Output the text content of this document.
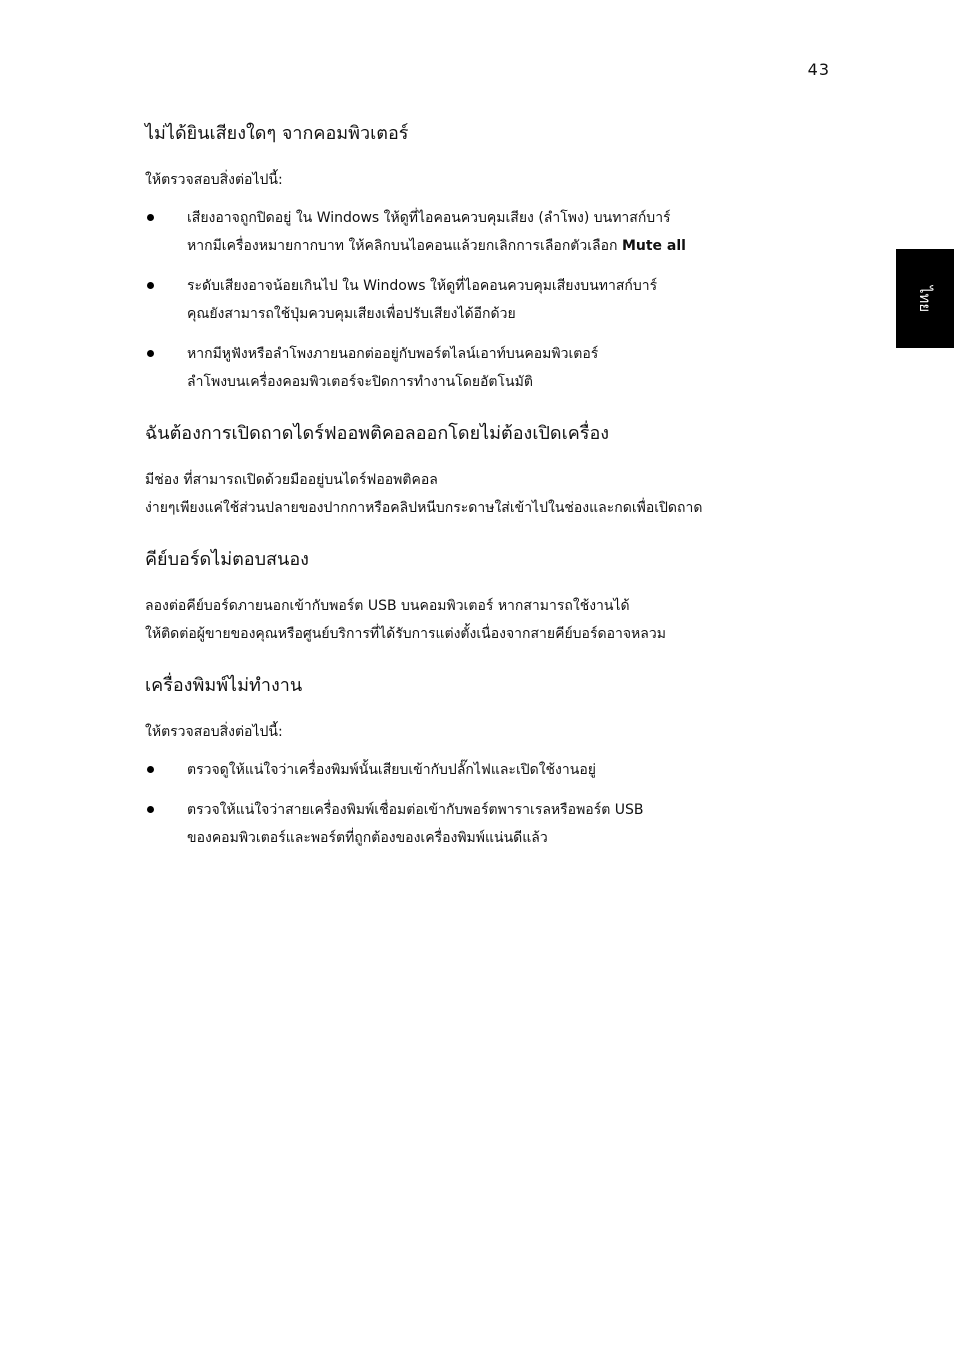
43
ไทย
ไม่ได้ยินเสียงใดๆ จากคอมพิวเตอร์

ให้ตรวจสอบสิ่งต่อไปนี้:

เสียงอาจถูกปิดอยู่ ใน Windows ให้ดูที่ไอคอนควบคุมเสียง (ลำโพง) บนทาสก์บาร์
หากมีเครื่องหมายกากบาท ให้คลิกบนไอคอนแล้วยกเลิกการเลือกตัวเลือก Mute all
ระดับเสียงอาจน้อยเกินไป ใน Windows ให้ดูที่ไอคอนควบคุมเสียงบนทาสก์บาร์
คุณยังสามารถใช้ปุ่มควบคุมเสียงเพื่อปรับเสียงได้อีกด้วย
หากมีหูฟังหรือลำโพงภายนอกต่ออยู่กับพอร์ตไลน์เอาท์บนคอมพิวเตอร์
ลำโพงบนเครื่องคอมพิวเตอร์จะปิดการทำงานโดยอัตโนมัติ
ฉันต้องการเปิดถาดไดร์ฟออพติคอลออกโดยไม่ต้องเปิดเครื่อง

มีช่อง ที่สามารถเปิดด้วยมืออยู่บนไดร์ฟออพติคอล
ง่ายๆเพียงแค่ใช้ส่วนปลายของปากกาหรือคลิปหนีบกระดาษใส่เข้าไปในช่องและกดเพื่อเปิดถาด

คีย์บอร์ดไม่ตอบสนอง

ลองต่อคีย์บอร์ดภายนอกเข้ากับพอร์ต USB บนคอมพิวเตอร์ หากสามารถใช้งานได้
ให้ติดต่อผู้ขายของคุณหรือศูนย์บริการที่ได้รับการแต่งตั้งเนื่องจากสายคีย์บอร์ดอาจหลวม

เครื่องพิมพ์ไม่ทำงาน

ให้ตรวจสอบสิ่งต่อไปนี้:

ตรวจดูให้แน่ใจว่าเครื่องพิมพ์นั้นเสียบเข้ากับปลั๊กไฟและเปิดใช้งานอยู่
ตรวจให้แน่ใจว่าสายเครื่องพิมพ์เชื่อมต่อเข้ากับพอร์ตพาราเรลหรือพอร์ต USB
ของคอมพิวเตอร์และพอร์ตที่ถูกต้องของเครื่องพิมพ์แน่นดีแล้ว
